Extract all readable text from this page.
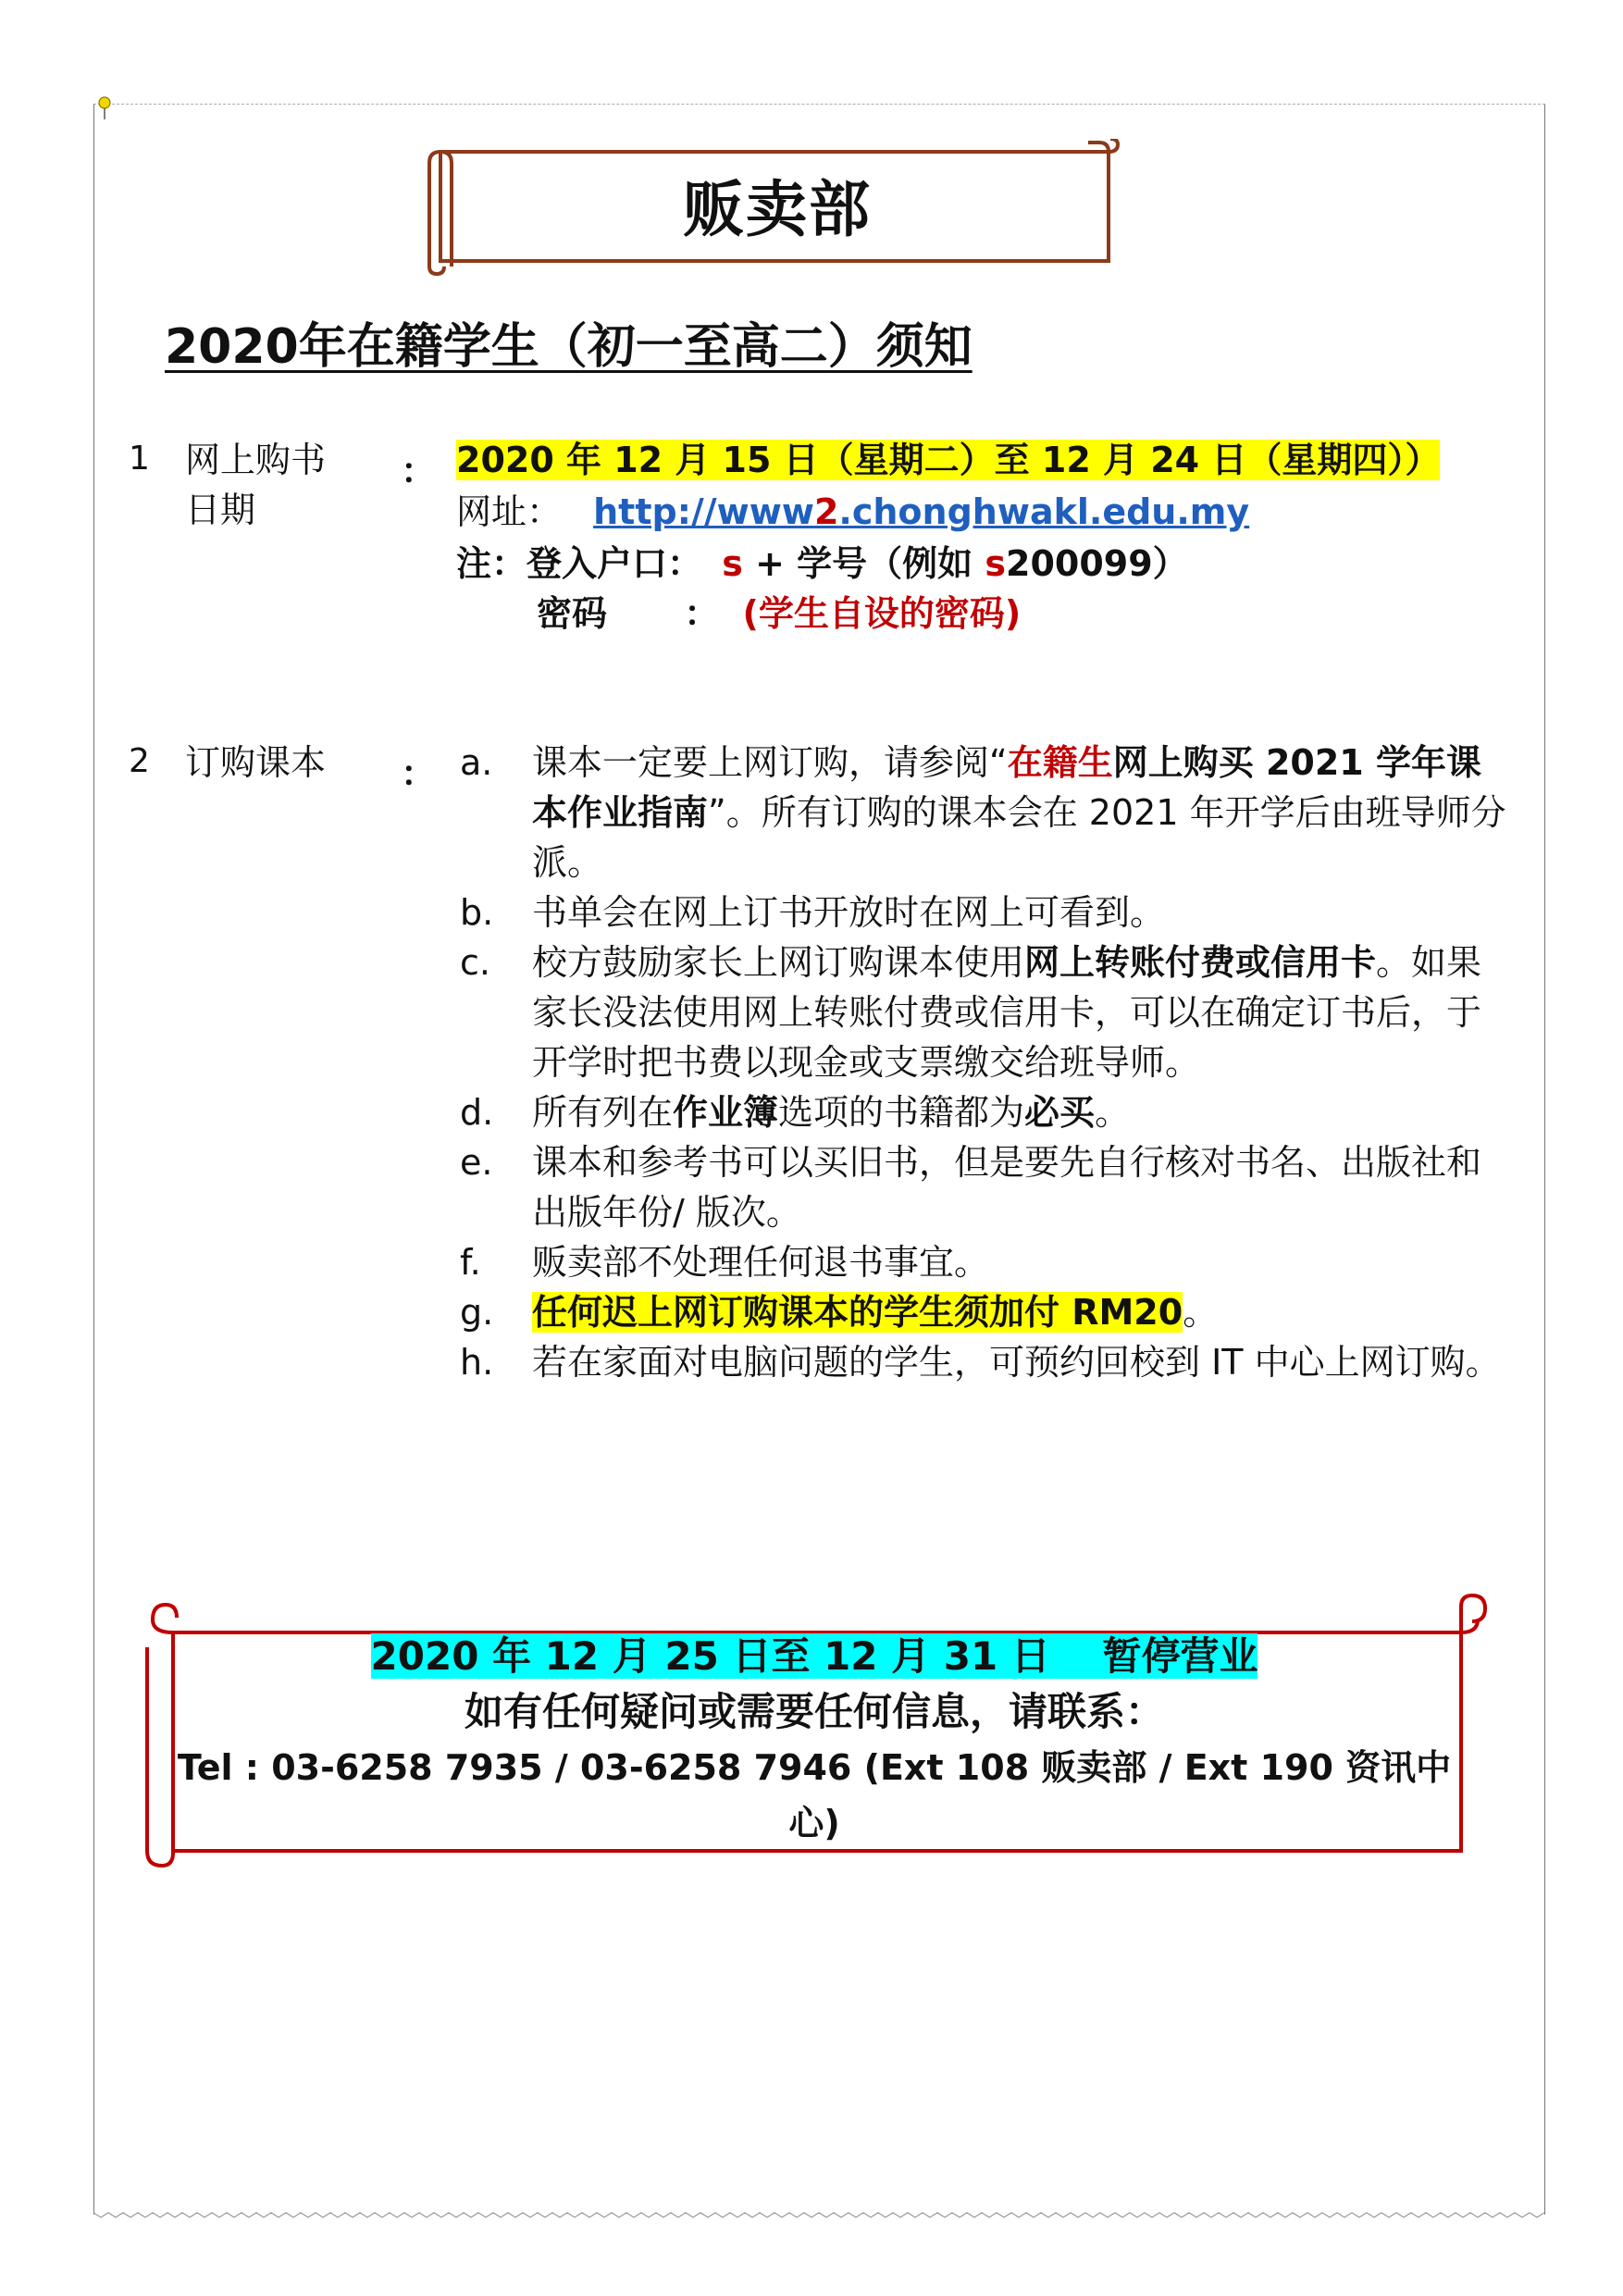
贩卖部
2020年在籍学生（初一至高二）须知
1 网上购书
日期
： 2020 年 12 月 15 日（星期二）至 12 月 24 日（星期四））
网址： http://www2.chonghwakl.edu.my
注：登入户口： s + 学号（例如 s200099）
密码 ： (学生自设的密码)
2 订购课本 ： a.	课本一定要上网订购，请参阅“在籍生网上购买 2021 学年课本作业指南”。所有订购的课本会在 2021 年开学后由班导师分派。
b.	书单会在网上订书开放时在网上可看到。
c.	校方鼓励家长上网订购课本使用网上转账付费或信用卡。如果家长没法使用网上转账付费或信用卡，可以在确定订书后，于开学时把书费以现金或支票缴交给班导师。
d.	所有列在作业簿选项的书籍都为必买。
e.	课本和参考书可以买旧书，但是要先自行核对书名、出版社和出版年份/ 版次。
f.	贩卖部不处理任何退书事宜。
g.	任何迟上网订购课本的学生须加付 RM20。
h.	若在家面对电脑问题的学生，可预约回校到 IT 中心上网订购。
2020 年 12 月 25 日至 12 月 31 日　 暂停营业
如有任何疑问或需要任何信息，请联系：
Tel : 03-6258 7935 / 03-6258 7946 (Ext 108 贩卖部 / Ext 190 资讯中心)
